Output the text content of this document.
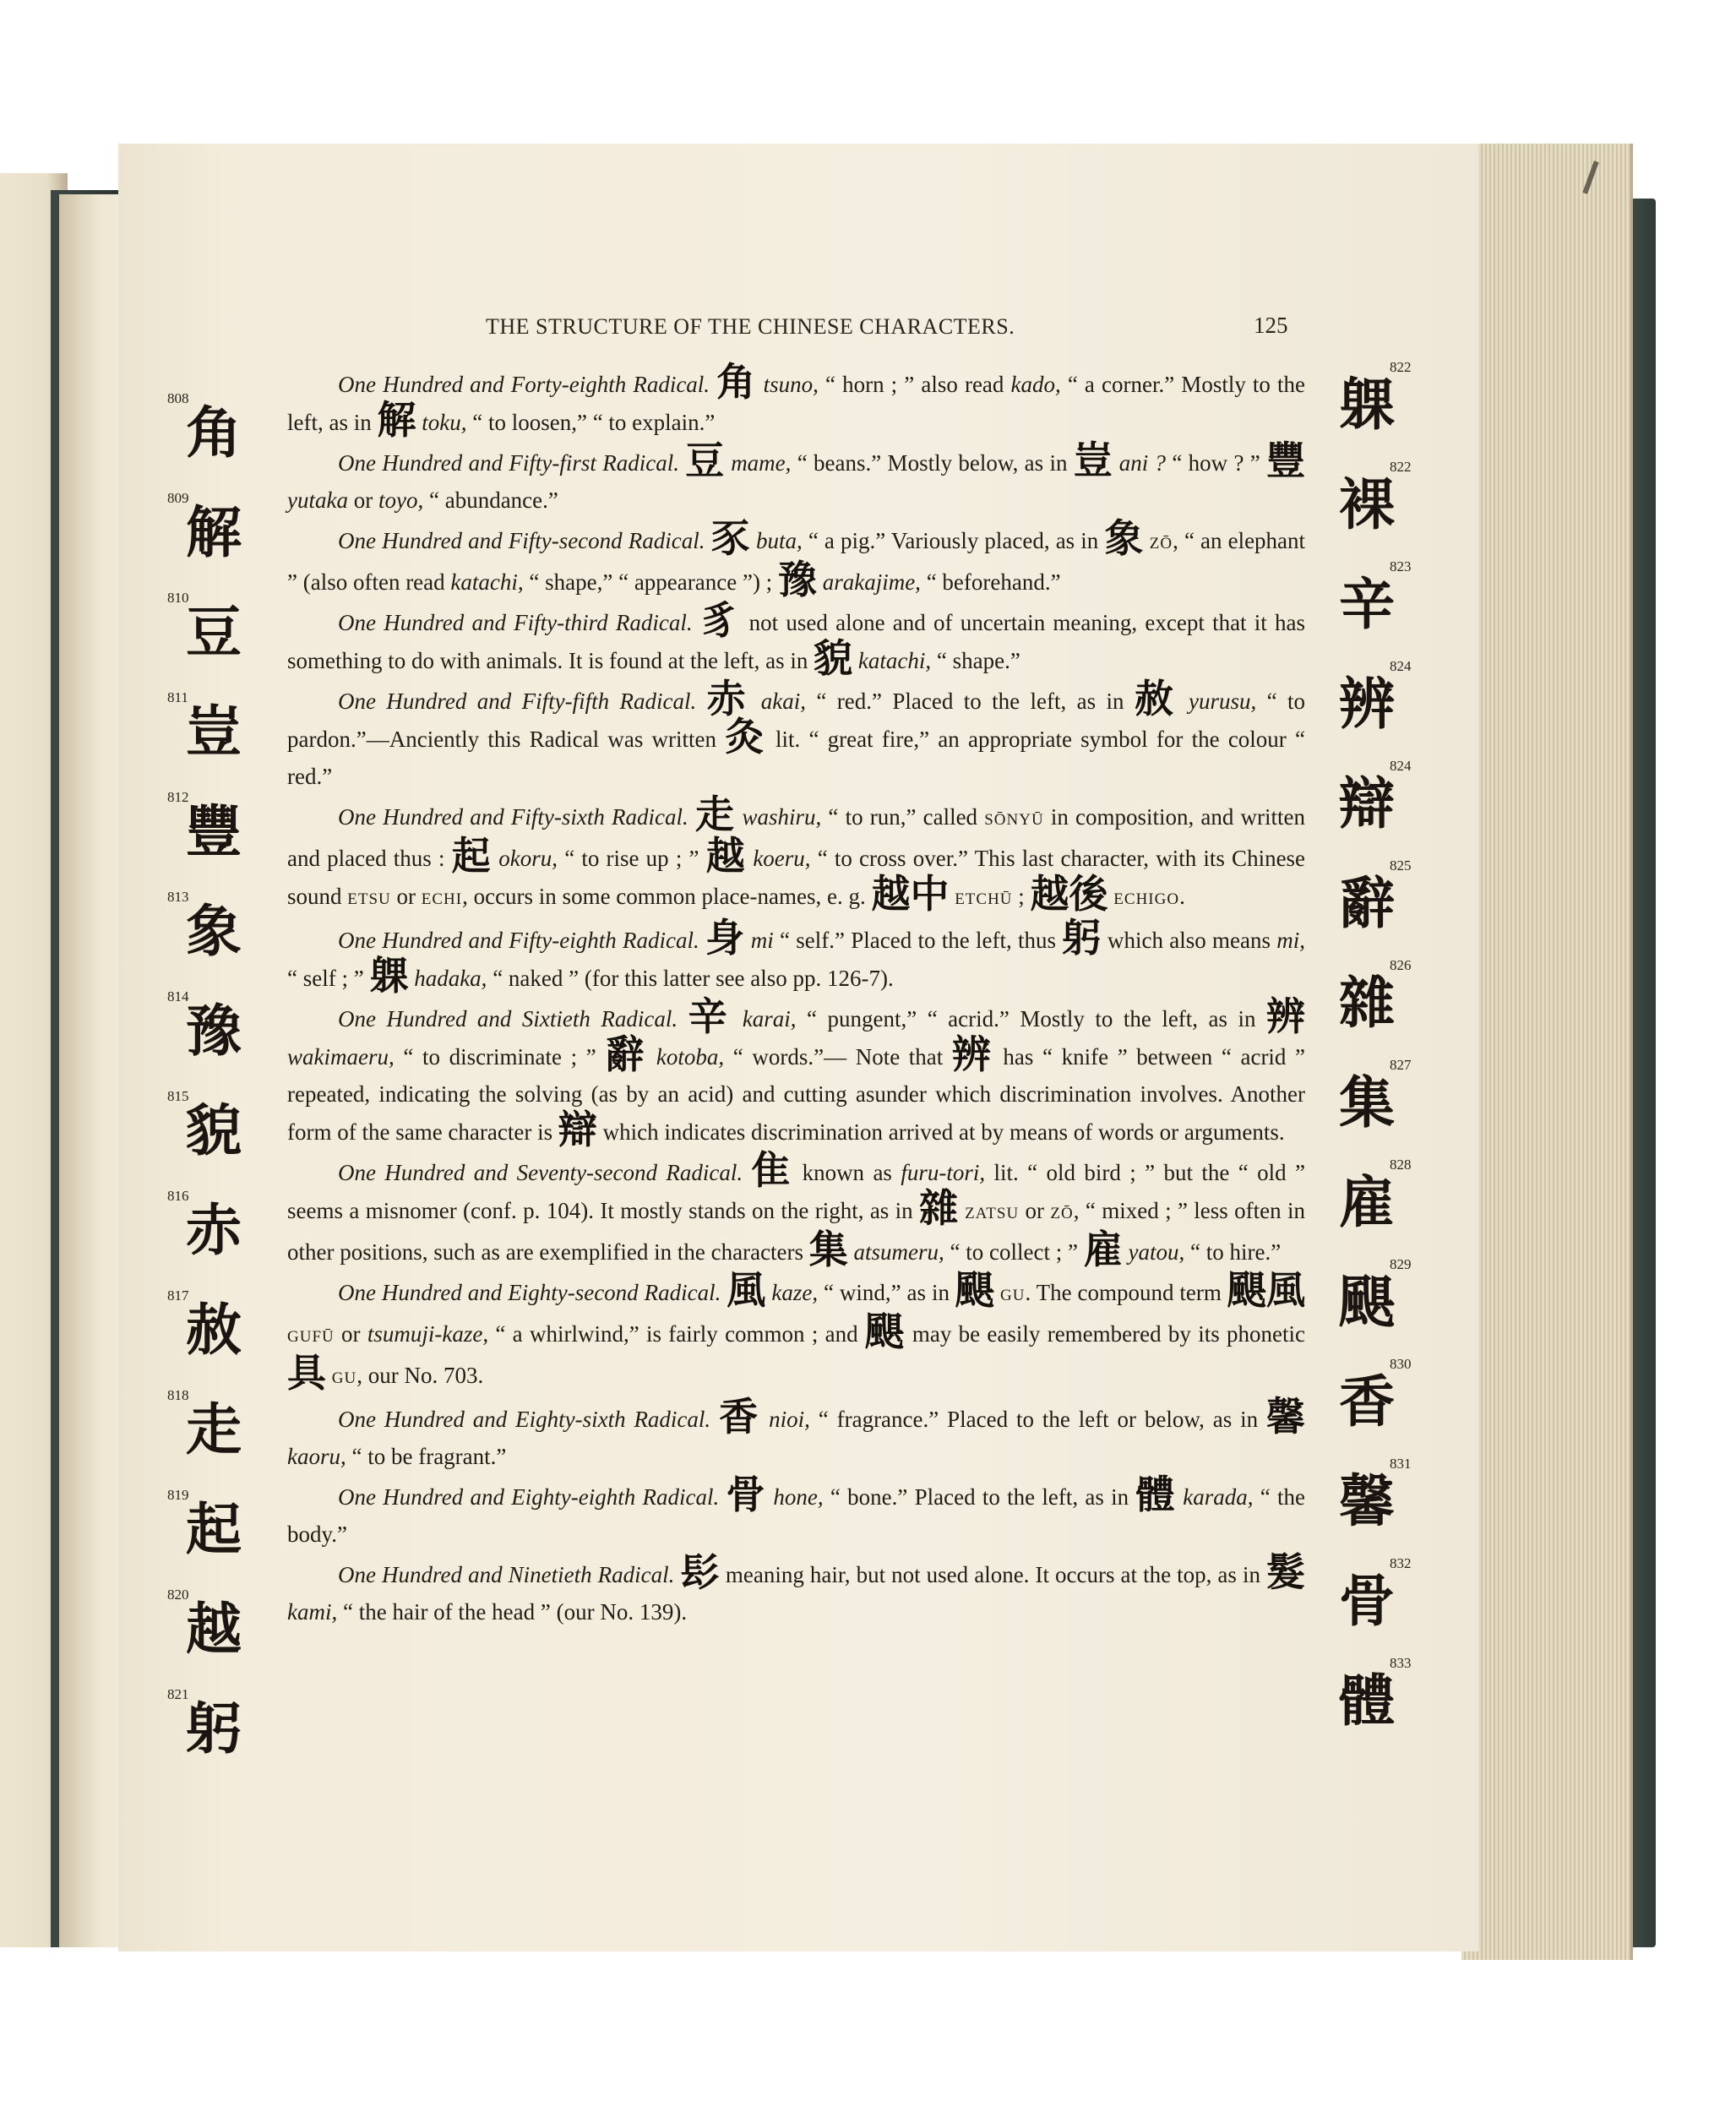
THE STRUCTURE OF THE CHINESE CHARACTERS.	125
808
角
809
解
810
豆
811
豈
812
豐
813
象
814
豫
815
貌
816
赤
817
赦
818
走
819
起
820
越
821
躬
822
躶
822
裸
823
辛
824
辨
824
辯
825
辭
826
雜
827
集
828
雇
829
颶
830
香
831
馨
832
骨
833
體

One Hundred and Forty-eighth Radical. 角 tsuno, “ horn ; ” also read kado, “ a corner.” Mostly to the left, as in 解 toku, “ to loosen,” “ to explain.”

One Hundred and Fifty-first Radical. 豆 mame, “ beans.” Mostly below, as in 豈 ani ? “ how ? ” 豐 yutaka or toyo, “ abundance.”

One Hundred and Fifty-second Radical. 豕 buta, “ a pig.” Variously placed, as in 象 ZŌ, “ an elephant ” (also often read katachi, “ shape,” “ appearance ”) ; 豫 arakajime, “ beforehand.”

One Hundred and Fifty-third Radical. 豸 not used alone and of uncertain meaning, except that it has something to do with animals. It is found at the left, as in 貌 katachi, “ shape.”

One Hundred and Fifty-fifth Radical. 赤 akai, “ red.” Placed to the left, as in 赦 yurusu, “ to pardon.”—Anciently this Radical was written 灸 lit. “ great fire,” an appropriate symbol for the colour “ red.”

One Hundred and Fifty-sixth Radical. 走 washiru, “ to run,” called SŌNYŪ in composition, and written and placed thus : 起 okoru, “ to rise up ; ” 越 koeru, “ to cross over.” This last character, with its Chinese sound ETSU or ECHI, occurs in some common place-names, e. g. 越中 ETCHŪ ; 越後 ECHIGO.

One Hundred and Fifty-eighth Radical. 身 mi “ self.” Placed to the left, thus 躬 which also means mi, “ self ; ” 躶 hadaka, “ naked ” (for this latter see also pp. 126-7).

One Hundred and Sixtieth Radical. 辛 karai, “ pungent,” “ acrid.” Mostly to the left, as in 辨 wakimaeru, “ to discriminate ; ” 辭 kotoba, “ words.”— Note that 辨 has “ knife ” between “ acrid ” repeated, indicating the solving (as by an acid) and cutting asunder which discrimination involves. Another form of the same character is 辯 which indicates discrimination arrived at by means of words or arguments.

One Hundred and Seventy-second Radical. 隹 known as furu-tori, lit. “ old bird ; ” but the “ old ” seems a misnomer (conf. p. 104). It mostly stands on the right, as in 雜 ZATSU or ZŌ, “ mixed ; ” less often in other positions, such as are exemplified in the characters 集 atsumeru, “ to collect ; ” 雇 yatou, “ to hire.”

One Hundred and Eighty-second Radical. 風 kaze, “ wind,” as in 颶 GU. The compound term 颶風 GUFŪ or tsumuji-kaze, “ a whirlwind,” is fairly common ; and 颶 may be easily remembered by its phonetic 具 GU, our No. 703.

One Hundred and Eighty-sixth Radical. 香 nioi, “ fragrance.” Placed to the left or below, as in 馨 kaoru, “ to be fragrant.”

One Hundred and Eighty-eighth Radical. 骨 hone, “ bone.” Placed to the left, as in 體 karada, “ the body.”

One Hundred and Ninetieth Radical. 髟 meaning hair, but not used alone. It occurs at the top, as in 髮 kami, “ the hair of the head ” (our No. 139).
